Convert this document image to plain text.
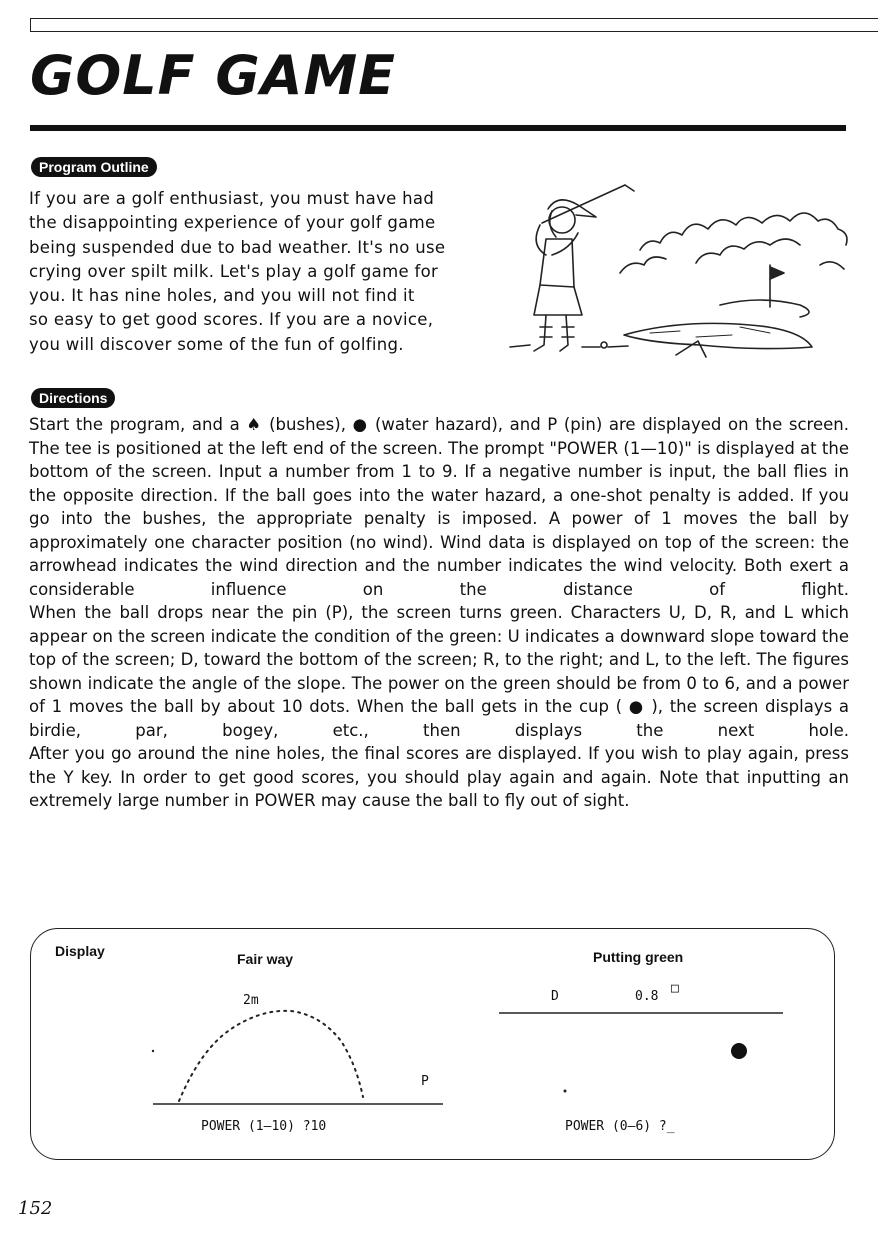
GOLF GAME
Program Outline

If you are a golf enthusiast, you must have had

the disappointing experience of your golf game

being suspended due to bad weather. It's no use

crying over spilt milk. Let's play a golf game for

you. It has nine holes, and you will not find it

so easy to get good scores. If you are a novice,

you will discover some of the fun of golfing.

Directions

Start the program, and a ♠ (bushes), ● (water hazard), and P (pin) are displayed on the screen. The tee is positioned at the left end of the screen. The prompt "POWER (1—10)" is displayed at the bottom of the screen. Input a number from 1 to 9. If a negative number is input, the ball flies in the opposite direction. If the ball goes into the water hazard, a one-shot penalty is added. If you go into the bushes, the appropriate penalty is imposed. A power of 1 moves the ball by approximately one character position (no wind). Wind data is displayed on top of the screen: the arrowhead indicates the wind direction and the number indicates the wind velocity. Both exert a considerable influence on the distance of flight.

When the ball drops near the pin (P), the screen turns green. Characters U, D, R, and L which appear on the screen indicate the condition of the green: U indicates a downward slope toward the top of the screen; D, toward the bottom of the screen; R, to the right; and L, to the left. The figures shown indicate the angle of the slope. The power on the green should be from 0 to 6, and a power of 1 moves the ball by about 10 dots. When the ball gets in the cup ( ● ), the screen displays a birdie, par, bogey, etc., then displays the next hole.

After you go around the nine holes, the final scores are displayed. If you wish to play again, press the Y key. In order to get good scores, you should play again and again. Note that inputting an extremely large number in POWER may cause the ball to fly out of sight.

Display	Fair way	Putting green
2m
P
POWER (1—10) ?10
D	0.8
□
POWER (0—6) ?_
152
